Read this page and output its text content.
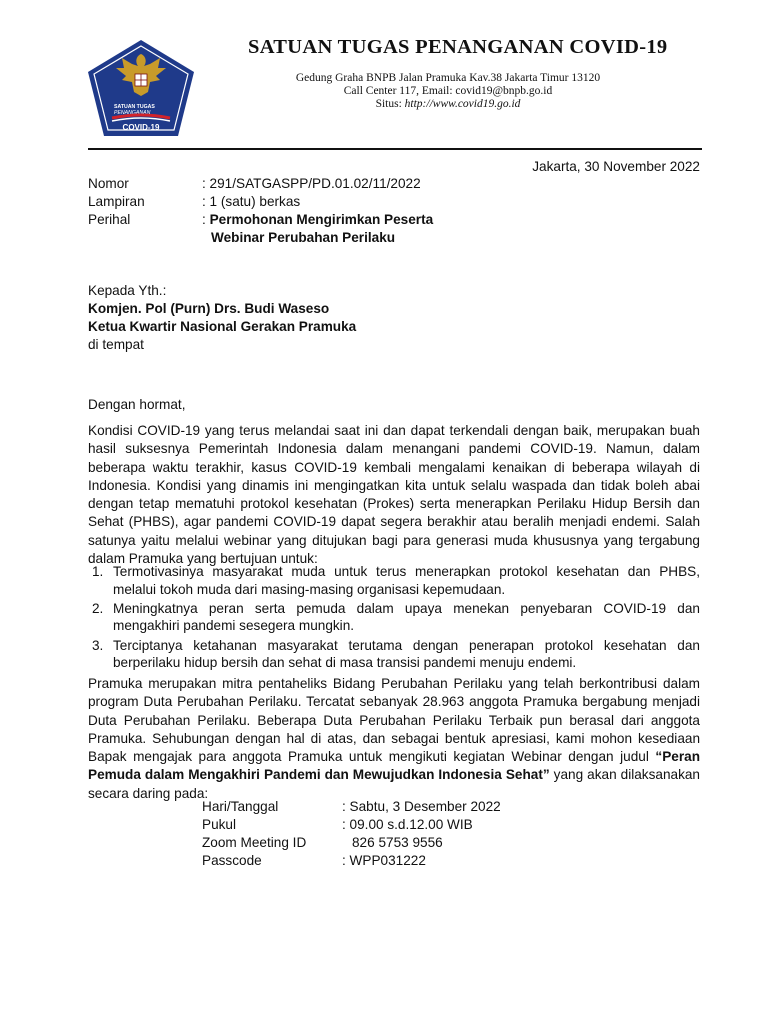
SATUAN TUGAS
PENANGANAN
COVID-19
SATUAN TUGAS PENANGANAN COVID-19
Gedung Graha BNPB Jalan Pramuka Kav.38 Jakarta Timur 13120
Call Center 117, Email: covid19@bnpb.go.id
Situs: http://www.covid19.go.id
Jakarta, 30 November 2022
Nomor	: 291/SATGASPP/PD.01.02/11/2022
Lampiran	: 1 (satu) berkas
Perihal	: Permohonan Mengirimkan Peserta
Webinar Perubahan Perilaku
Kepada Yth.:
Komjen. Pol (Purn) Drs. Budi Waseso
Ketua Kwartir Nasional Gerakan Pramuka
di tempat
Dengan hormat,
Kondisi COVID-19 yang terus melandai saat ini dan dapat terkendali dengan baik, merupakan buah hasil suksesnya Pemerintah Indonesia dalam menangani pandemi COVID-19. Namun, dalam beberapa waktu terakhir, kasus COVID-19 kembali mengalami kenaikan di beberapa wilayah di Indonesia. Kondisi yang dinamis ini mengingatkan kita untuk selalu waspada dan tidak boleh abai dengan tetap mematuhi protokol kesehatan (Prokes) serta menerapkan Perilaku Hidup Bersih dan Sehat (PHBS), agar pandemi COVID-19 dapat segera berakhir atau beralih menjadi endemi. Salah satunya yaitu melalui webinar yang ditujukan bagi para generasi muda khususnya yang tergabung dalam Pramuka yang bertujuan untuk:
1. Termotivasinya masyarakat muda untuk terus menerapkan protokol kesehatan dan PHBS, melalui tokoh muda dari masing-masing organisasi kepemudaan.
2. Meningkatnya peran serta pemuda dalam upaya menekan penyebaran COVID-19 dan mengakhiri pandemi sesegera mungkin.
3. Terciptanya ketahanan masyarakat terutama dengan penerapan protokol kesehatan dan berperilaku hidup bersih dan sehat di masa transisi pandemi menuju endemi.
Pramuka merupakan mitra pentaheliks Bidang Perubahan Perilaku yang telah berkontribusi dalam program Duta Perubahan Perilaku. Tercatat sebanyak 28.963 anggota Pramuka bergabung menjadi Duta Perubahan Perilaku. Beberapa Duta Perubahan Perilaku Terbaik pun berasal dari anggota Pramuka. Sehubungan dengan hal di atas, dan sebagai bentuk apresiasi, kami mohon kesediaan Bapak mengajak para anggota Pramuka untuk mengikuti kegiatan Webinar dengan judul “Peran Pemuda dalam Mengakhiri Pandemi dan Mewujudkan Indonesia Sehat” yang akan dilaksanakan secara daring pada:
Hari/Tanggal	: Sabtu, 3 Desember 2022
Pukul	: 09.00 s.d.12.00 WIB
Zoom Meeting ID	826 5753 9556
Passcode	: WPP031222
